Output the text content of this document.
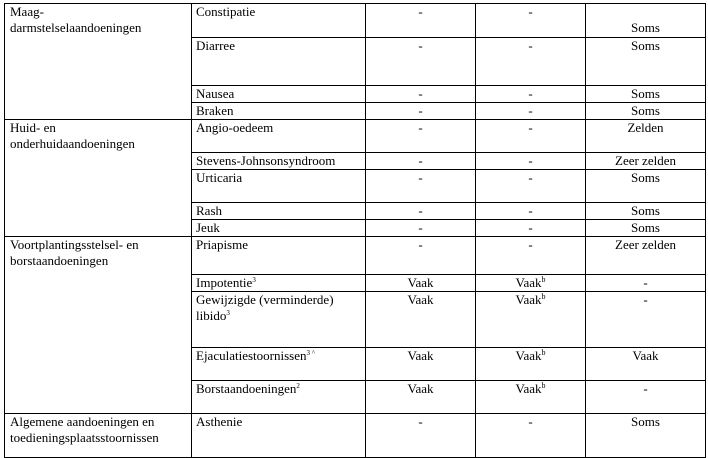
Maag-
darmstelselaandoeningen	Constipatie	-	-	Soms
	Diarree	-	-	Soms
	Nausea	-	-	Soms
	Braken	-	-	Soms
Huid- en
onderhuidaandoeningen	Angio-oedeem	-	-	Zelden
	Stevens-Johnsonsyndroom	-	-	Zeer zelden
	Urticaria	-	-	Soms
	Rash	-	-	Soms
	Jeuk	-	-	Soms
Voortplantingsstelsel- en
borstaandoeningen	Priapisme	-	-	Zeer zelden
	Impotentie$^3$	Vaak	Vaak$^b$	-
	Gewijzigde (verminderde)
libido$^3$	Vaak	Vaak$^b$	-
	Ejaculatiestoornissen$^{3 \^{}}$	Vaak	Vaak$^b$	Vaak
	Borstaandoeningen$^2$	Vaak	Vaak$^b$	-
Algemene aandoeningen en
toedieningsplaatsstoornissen	Asthenie	-	-	Soms
